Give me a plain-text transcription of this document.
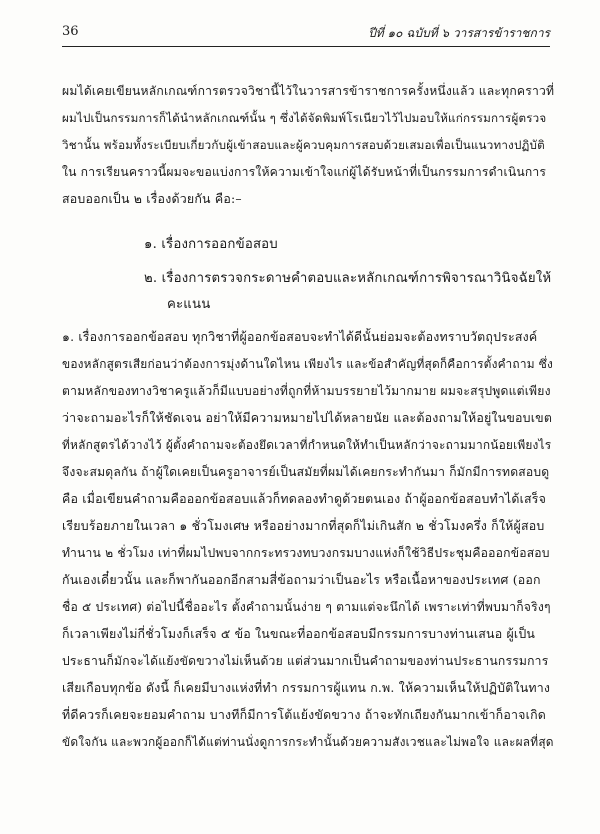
36	ปีที่ ๑๐ ฉบับที่ ๖ วารสารข้าราชการ
ผมได้เคยเขียนหลักเกณฑ์การตรวจวิชานี้ไว้ในวารสารข้าราชการครั้งหนึ่งแล้ว และทุกคราวที่
ผมไปเป็นกรรมการก็ได้นำหลักเกณฑ์นั้น ๆ ซึ่งได้จัดพิมพ์โรเนียวไว้ไปมอบให้แก่กรรมการผู้ตรวจ
วิชานั้น พร้อมทั้งระเบียบเกี่ยวกับผู้เข้าสอบและผู้ควบคุมการสอบด้วยเสมอเพื่อเป็นแนวทางปฏิบัติ
ใน การเรียนคราวนี้ผมจะขอแบ่งการให้ความเข้าใจแก่ผู้ได้รับหน้าที่เป็นกรรมการดำเนินการ
สอบออกเป็น ๒ เรื่องด้วยกัน คือ:–
๑. เรื่องการออกข้อสอบ
๒. เรื่องการตรวจกระดาษคำตอบและหลักเกณฑ์การพิจารณาวินิจฉัยให้
คะแนน
๑. เรื่องการออกข้อสอบ ทุกวิชาที่ผู้ออกข้อสอบจะทำได้ดีนั้นย่อมจะต้องทราบวัตถุประสงค์
ของหลักสูตรเสียก่อนว่าต้องการมุ่งด้านใดไหน เพียงไร และข้อสำคัญที่สุดก็คือการตั้งคำถาม ซึ่ง
ตามหลักของทางวิชาครูแล้วก็มีแบบอย่างที่ถูกที่ห้ามบรรยายไว้มากมาย ผมจะสรุปพูดแต่เพียง
ว่าจะถามอะไรก็ให้ชัดเจน อย่าให้มีความหมายไปได้หลายนัย และต้องถามให้อยู่ในขอบเขต
ที่หลักสูตรได้วางไว้ ผู้ตั้งคำถามจะต้องยึดเวลาที่กำหนดให้ทำเป็นหลักว่าจะถามมากน้อยเพียงไร
จึงจะสมดุลกัน ถ้าผู้ใดเคยเป็นครูอาจารย์เป็นสมัยที่ผมได้เคยกระทำกันมา ก็มักมีการทดสอบดู
คือ เมื่อเขียนคำถามคือออกข้อสอบแล้วก็ทดลองทำดูด้วยตนเอง ถ้าผู้ออกข้อสอบทำได้เสร็จ
เรียบร้อยภายในเวลา ๑ ชั่วโมงเศษ หรืออย่างมากที่สุดก็ไม่เกินสัก ๒ ชั่วโมงครึ่ง ก็ให้ผู้สอบ
ทำนาน ๒ ชั่วโมง เท่าที่ผมไปพบจากกระทรวงทบวงกรมบางแห่งก็ใช้วิธีประชุมคือออกข้อสอบ
กันเองเดี๋ยวนั้น และก็พากันออกอีกสามสี่ข้อถามว่าเป็นอะไร หรือเนื้อหาของประเทศ (ออก
ชื่อ ๕ ประเทศ) ต่อไปนี้ชื่ออะไร ตั้งคำถามนั้นง่าย ๆ ตามแต่จะนึกได้ เพราะเท่าที่พบมาก็จริงๆ
ก็เวลาเพียงไม่กี่ชั่วโมงก็เสร็จ ๕ ข้อ ในขณะที่ออกข้อสอบมีกรรมการบางท่านเสนอ ผู้เป็น
ประธานก็มักจะได้แย้งขัดขวางไม่เห็นด้วย แต่ส่วนมากเป็นคำถามของท่านประธานกรรมการ
เสียเกือบทุกข้อ ดังนี้ ก็เคยมีบางแห่งที่ทำ กรรมการผู้แทน ก.พ. ให้ความเห็นให้ปฏิบัติในทาง
ที่ดีควรก็เคยจะยอมคำถาม บางทีก็มีการโต้แย้งขัดขวาง ถ้าจะทักเถียงกันมากเข้าก็อาจเกิด
ขัดใจกัน และพวกผู้ออกก็ได้แต่ท่านนั่งดูการกระทำนั้นด้วยความสังเวชและไม่พอใจ และผลที่สุด
